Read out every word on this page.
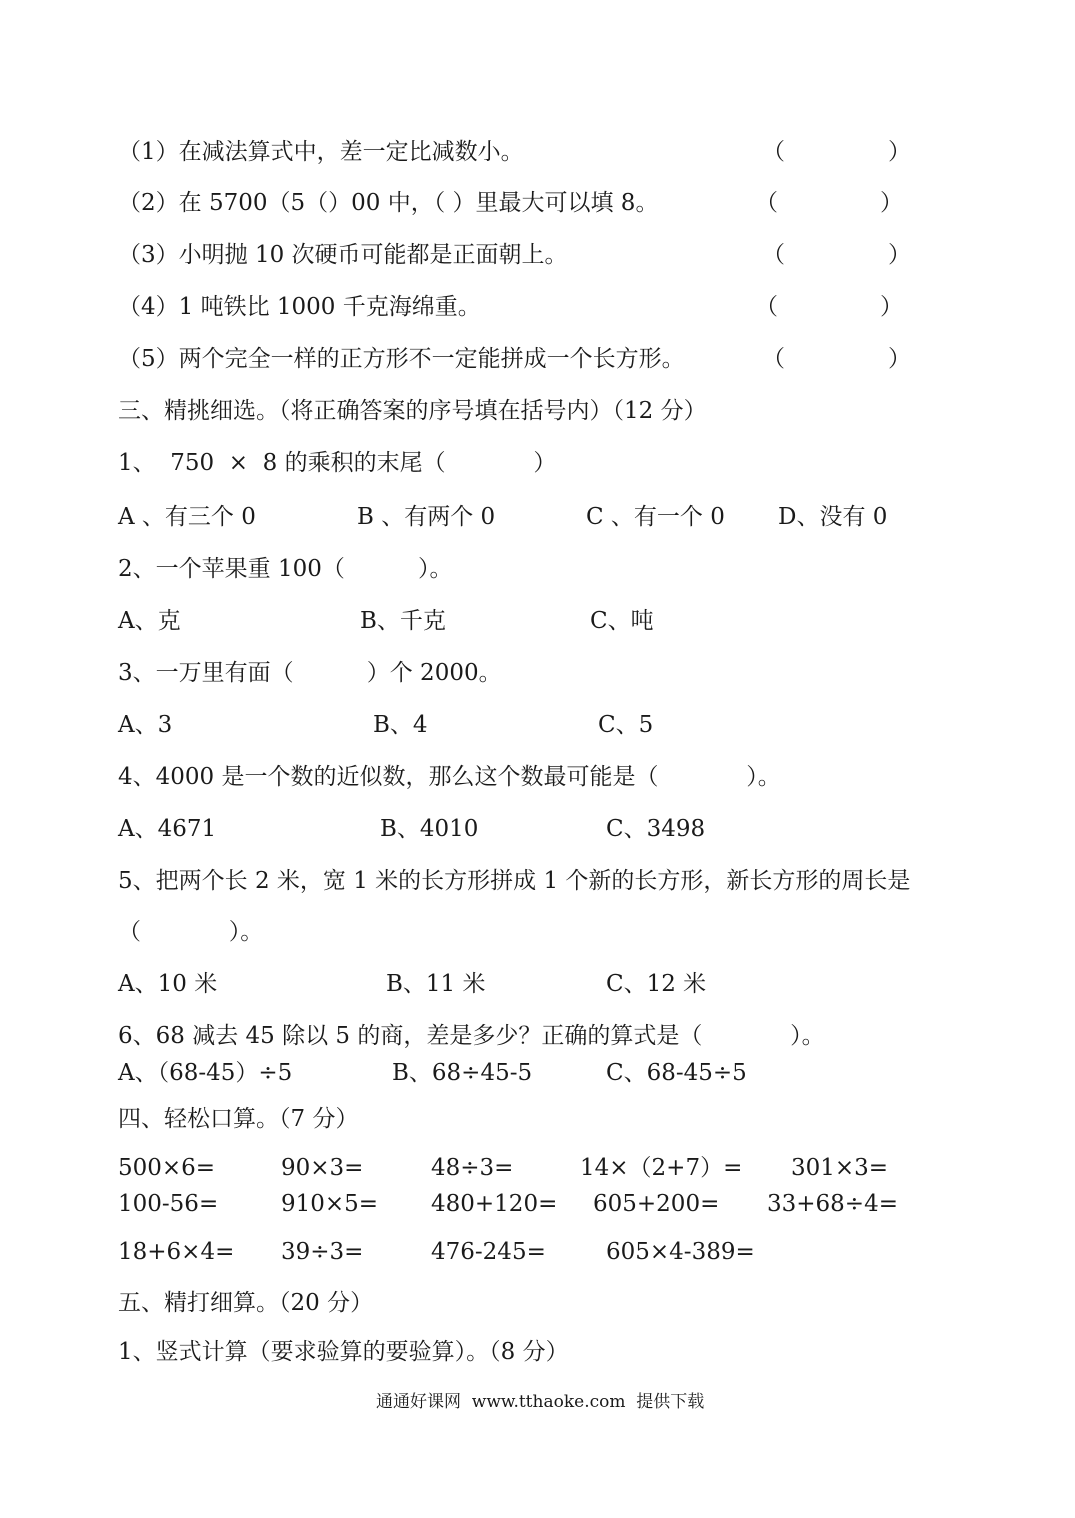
（1）在减法算式中，差一定比减数小。	（	）
（2）在 5700（5（）00 中，（ ）里最大可以填 8。	（	）
（3）小明抛 10 次硬币可能都是正面朝上。	（	）
（4）1 吨铁比 1000 千克海绵重。	（	）
（5）两个完全一样的正方形不一定能拼成一个长方形。	（	）
三、精挑细选。（将正确答案的序号填在括号内）（12 分）
1、  750  ×  8 的乘积的末尾（            ）
A 、有三个 0	B 、有两个 0	C 、有一个 0 D、没有 0
2、一个苹果重 100（          ）。
A、克	B、千克	C、吨
3、一万里有面（          ）个 2000。
A、3	B、4	C、5
4、4000 是一个数的近似数，那么这个数最可能是（            ）。
A、4671	B、4010	C、3498
5、把两个长 2 米，宽 1 米的长方形拼成 1 个新的长方形，新长方形的周长是
（            ）。
A、10 米	B、11 米	C、12 米
6、68 减去 45 除以 5 的商，差是多少？正确的算式是（            ）。
A、（68-45）÷5	B、68÷45-5	C、68-45÷5
四、轻松口算。（7 分）
500×6=	90×3=	48÷3=	14×（2+7）= 301×3=
100-56=	910×5= 480+120= 605+200= 33+68÷4=
18+6×4= 39÷3=	476-245=	605×4-389=
五、精打细算。（20 分）
1、竖式计算（要求验算的要验算）。（8 分）
通通好课网  www.tthaoke.com  提供下载
